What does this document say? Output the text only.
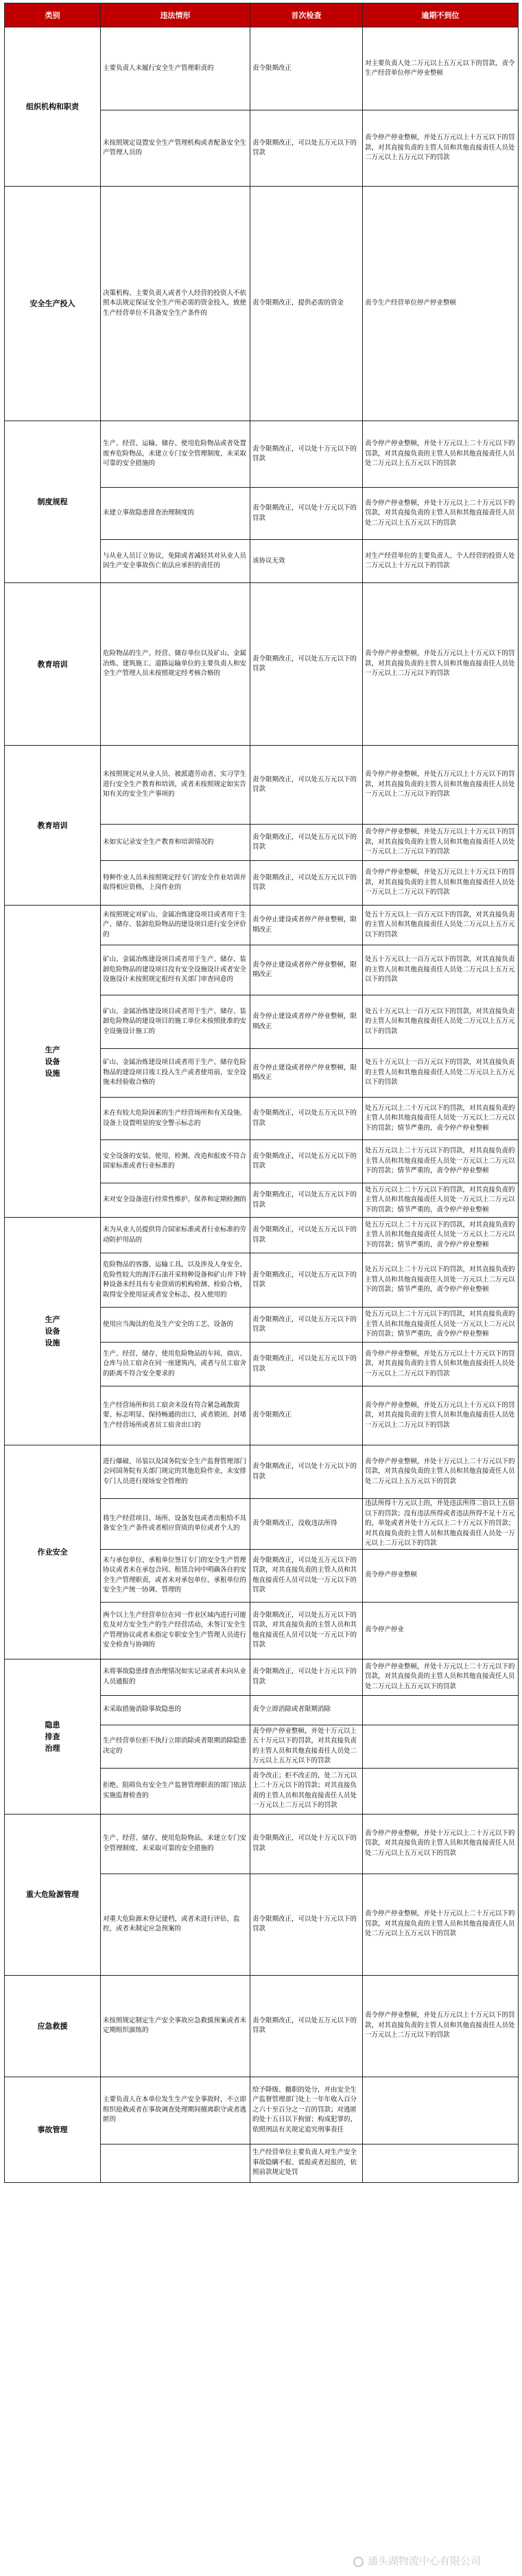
类别	违法情形	首次检查	逾期不到位
组织机构和职责	主要负责人未履行安全生产管理职责的	责令限期改正	对主要负责人处二万元以上五万元以下的罚款，责令生产经营单位停产停业整顿
	未按照规定设置安全生产管理机构或者配备安全生产管理人员的	责令限期改正，可以处五万元以下的罚款	责令停产停业整顿，并处五万元以上十万元以下的罚款，对其直接负责的主管人员和其他直接责任人员处二万元以上五万元以下的罚款
安全生产投入	决策机构、主要负责人或者个人经营的投资人不依照本法规定保证安全生产所必需的资金投入，致使生产经营单位不具备安全生产条件的	责令限期改正，提供必需的资金	责令生产经营单位停产停业整顿
制度规程	生产、经营、运输、储存、使用危险物品或者处置废弃危险物品，未建立专门安全管理制度、未采取可靠的安全措施的	责令限期改正，可以处十万元以下的罚款	责令停产停业整顿，并处十万元以上二十万元以下的罚款，对其直接负责的主管人员和其他直接责任人员处二万元以上五万元以下的罚款
	未建立事故隐患排查治理制度的	责令限期改正，可以处十万元以下的罚款	责令停产停业整顿，并处十万元以上二十万元以下的罚款，对其直接负责的主管人员和其他直接责任人员处二万元以上五万元以下的罚款
	与从业人员订立协议，免除或者减轻其对从业人员因生产安全事故伤亡依法应承担的责任的	该协议无效	对生产经营单位的主要负责人、个人经营的投资人处二万元以上十万元以下的罚款
教育培训	危险物品的生产、经营、储存单位以及矿山、金属冶炼、建筑施工、道路运输单位的主要负责人和安全生产管理人员未按照规定经考核合格的	责令限期改正，可以处五万元以下的罚款	责令停产停业整顿，并处五万元以上十万元以下的罚款，对其直接负责的主管人员和其他直接责任人员处一万元以上二万元以下的罚款
教育培训	未按照规定对从业人员、被派遣劳动者、实习学生进行安全生产教育和培训，或者未按照规定如实告知有关的安全生产事项的	责令限期改正，可以处五万元以下的罚款	责令停产停业整顿，并处五万元以上十万元以下的罚款，对其直接负责的主管人员和其他直接责任人员处一万元以上二万元以下的罚款
	未如实记录安全生产教育和培训情况的	责令限期改正，可以处五万元以下的罚款	责令停产停业整顿，并处五万元以上十万元以下的罚款，对其直接负责的主管人员和其他直接责任人员处一万元以上二万元以下的罚款
	特种作业人员未按照规定经专门的安全作业培训并取得相应资格，上岗作业的	责令限期改正，可以处五万元以下的罚款	责令停产停业整顿，并处五万元以上十万元以下的罚款，对其直接负责的主管人员和其他直接责任人员处一万元以上二万元以下的罚款
生产
设备
设施	未按照规定对矿山、金属冶炼建设项目或者用于生产、储存、装卸危险物品的建设项目进行安全评价的	责令停止建设或者停产停业整顿，限期改正	处五十万元以上一百万元以下的罚款，对其直接负责的主管人员和其他直接责任人员处二万元以上五万元以下的罚款
	矿山、金属冶炼建设项目或者用于生产、储存、装卸危险物品的建设项目没有安全设施设计或者安全设施设计未按照规定报经有关部门审查同意的	责令停止建设或者停产停业整顿，限期改正	处五十万元以上一百万元以下的罚款，对其直接负责的主管人员和其他直接责任人员处二万元以上五万元以下的罚款
	矿山、金属冶炼建设项目或者用于生产、储存、装卸危险物品的建设项目的施工单位未按照批准的安全设施设计施工的	责令停止建设或者停产停业整顿，限期改正	处五十万元以上一百万元以下的罚款，对其直接负责的主管人员和其他直接责任人员处二万元以上五万元以下的罚款
	矿山、金属冶炼建设项目或者用于生产、储存危险物品的建设项目竣工投入生产或者使用前，安全设施未经验收合格的	责令停止建设或者停产停业整顿，限期改正	处五十万元以上一百万元以下的罚款，对其直接负责的主管人员和其他直接责任人员处二万元以上五万元以下的罚款
	未在有较大危险因素的生产经营场所和有关设施、设备上设置明显的安全警示标志的	责令限期改正，可以处五万元以下的罚款	处五万元以上二十万元以下的罚款，对其直接负责的主管人员和其他直接责任人员处一万元以上二万元以下的罚款；情节严重的，责令停产停业整顿
	安全设备的安装、使用、检测、改造和报废不符合国家标准或者行业标准的	责令限期改正，可以处五万元以下的罚款	处五万元以上二十万元以下的罚款，对其直接负责的主管人员和其他直接责任人员处一万元以上二万元以下的罚款；情节严重的，责令停产停业整顿
	未对安全设备进行经常性维护、保养和定期检测的	责令限期改正，可以处五万元以下的罚款	处五万元以上二十万元以下的罚款，对其直接负责的主管人员和其他直接责任人员处一万元以上二万元以下的罚款；情节严重的，责令停产停业整顿
生产
设备
设施	未为从业人员提供符合国家标准或者行业标准的劳动防护用品的	责令限期改正，可以处五万元以下的罚款	处五万元以上二十万元以下的罚款，对其直接负责的主管人员和其他直接责任人员处一万元以上二万元以下的罚款；情节严重的，责令停产停业整顿
	危险物品的容器、运输工具，以及涉及人身安全、危险性较大的海洋石油开采特种设备和矿山井下特种设备未经具有专业资质的机构检测、检验合格，取得安全使用证或者安全标志，投入使用的	责令限期改正，可以处五万元以下的罚款	处五万元以上二十万元以下的罚款，对其直接负责的主管人员和其他直接责任人员处一万元以上二万元以下的罚款；情节严重的，责令停产停业整顿
	使用应当淘汰的危及生产安全的工艺、设备的	责令限期改正，可以处五万元以下的罚款	处五万元以上二十万元以下的罚款，对其直接负责的主管人员和其他直接责任人员处一万元以上二万元以下的罚款；情节严重的，责令停产停业整顿
	生产、经营、储存、使用危险物品的车间、商店、仓库与员工宿舍在同一座建筑内，或者与员工宿舍的距离不符合安全要求的	责令限期改正，可以处五万元以下的罚款	责令停产停业整顿，并处五万元以上十万元以下的罚款，对其直接负责的主管人员和其他直接责任人员处一万元以上二万元以下的罚款
	生产经营场所和员工宿舍未设有符合紧急疏散需要、标志明显、保持畅通的出口，或者锁闭、封堵生产经营场所或者员工宿舍出口的	责令限期改正	责令停产停业整顿，并处五万元以上十万元以下的罚款，对其直接负责的主管人员和其他直接责任人员处一万元以上二万元以下的罚款
作业安全	进行爆破、吊装以及国务院安全生产监督管理部门会同国务院有关部门规定的其他危险作业，未安排专门人员进行现场安全管理的	责令限期改正，可以处十万元以下的罚款	责令停产停业整顿，并处十万元以上二十万元以下的罚款，对其直接负责的主管人员和其他直接责任人员处二万元以上五万元以下的罚款
	将生产经营项目、场所、设备发包或者出租给不具备安全生产条件或者相应资质的单位或者个人的	责令限期改正，没收违法所得	违法所得十万元以上的，并处违法所得二倍以上五倍以下的罚款；没有违法所得或者违法所得不足十万元的，单处或者并处十万元以上二十万元以下的罚款；对其直接负责的主管人员和其他直接责任人员处一万元以上二万元以下的罚款
	未与承包单位、承租单位签订专门的安全生产管理协议或者未在承包合同、租赁合同中明确各自的安全生产管理职责，或者未对承包单位、承租单位的安全生产统一协调、管理的	责令限期改正，可以处五万元以下的罚款，对其直接负责的主管人员和其他直接责任人员可以处一万元以下的罚款	责令停产停业整顿
	两个以上生产经营单位在同一作业区域内进行可能危及对方安全生产的生产经营活动，未签订安全生产管理协议或者未指定专职安全生产管理人员进行安全检查与协调的	责令限期改正，可以处五万元以下的罚款，对其直接负责的主管人员和其他直接责任人员可以处一万元以下的罚款	责令停产停业
隐患
排查
治理	未将事故隐患排查治理情况如实记录或者未向从业人员通报的	责令限期改正，可以处十万元以下的罚款	责令停产停业整顿，并处十万元以上二十万元以下的罚款，对其直接负责的主管人员和其他直接责任人员处二万元以上五万元以下的罚款
	未采取措施消除事故隐患的	责令立即消除或者限期消除	
	生产经营单位拒不执行立即消除或者限期消除隐患决定的	责令停产停业整顿，并处十万元以上五十万元以下的罚款，对其直接负责的主管人员和其他直接责任人员处二万元以上五万元以下的罚款	
	拒绝、阻碍负有安全生产监督管理职责的部门依法实施监督检查的	责令改正；拒不改正的，处二万元以上二十万元以下的罚款；对其直接负责的主管人员和其他直接责任人员处一万元以上二万元以下的罚款	
重大危险源管理	生产、经营、储存、使用危险物品，未建立专门安全管理制度、未采取可靠的安全措施的	责令限期改正，可以处十万元以下的罚款	责令停产停业整顿，并处十万元以上二十万元以下的罚款，对其直接负责的主管人员和其他直接责任人员处二万元以上五万元以下的罚款
	对重大危险源未登记建档，或者未进行评估、监控，或者未制定应急预案的	责令限期改正，可以处十万元以下的罚款	责令停产停业整顿，并处十万元以上二十万元以下的罚款，对其直接负责的主管人员和其他直接责任人员处二万元以上五万元以下的罚款
应急救援	未按照规定制定生产安全事故应急救援预案或者未定期组织演练的	责令限期改正，可以处五万元以下的罚款	责令停产停业整顿，并处五万元以上十万元以下的罚款，对其直接负责的主管人员和其他直接责任人员处一万元以上二万元以下的罚款
事故管理	主要负责人在本单位发生生产安全事故时，不立即组织抢救或者在事故调查处理期间擅离职守或者逃匿的	给予降级、撤职的处分，并由安全生产监督管理部门处上一年年收入百分之六十至百分之一百的罚款；对逃匿的处十五日以下拘留；构成犯罪的，依照刑法有关规定追究刑事责任	
		生产经营单位主要负责人对生产安全事故隐瞒不报、谎报或者迟报的，依照前款规定处罚	
通头湖物流中心有限公司
